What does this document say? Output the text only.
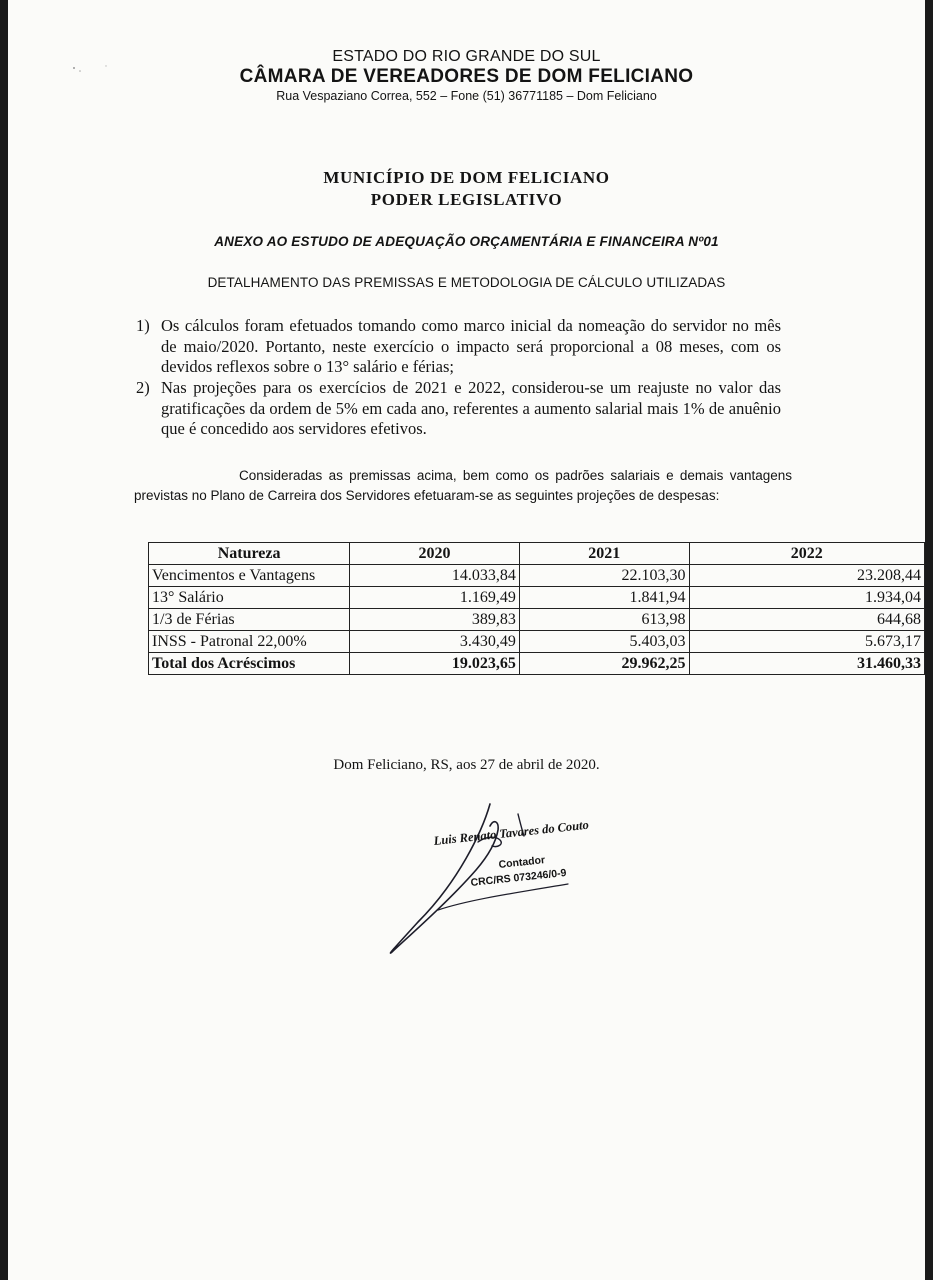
ESTADO DO RIO GRANDE DO SUL
CÂMARA DE VEREADORES DE DOM FELICIANO
Rua Vespaziano Correa, 552 – Fone (51) 36771185 – Dom Feliciano
MUNICÍPIO DE DOM FELICIANO
PODER LEGISLATIVO
ANEXO AO ESTUDO DE ADEQUAÇÃO ORÇAMENTÁRIA E FINANCEIRA Nº01
DETALHAMENTO DAS PREMISSAS E METODOLOGIA DE CÁLCULO UTILIZADAS
1) Os cálculos foram efetuados tomando como marco inicial da nomeação do servidor no mês de maio/2020. Portanto, neste exercício o impacto será proporcional a 08 meses, com os devidos reflexos sobre o 13° salário e férias;
2) Nas projeções para os exercícios de 2021 e 2022, considerou-se um reajuste no valor das gratificações da ordem de 5% em cada ano, referentes a aumento salarial mais 1% de anuênio que é concedido aos servidores efetivos.
Consideradas as premissas acima, bem como os padrões salariais e demais vantagens previstas no Plano de Carreira dos Servidores efetuaram-se as seguintes projeções de despesas:
Natureza	2020	2021	2022
Vencimentos e Vantagens	14.033,84	22.103,30	23.208,44
13° Salário	1.169,49	1.841,94	1.934,04
1/3 de Férias	389,83	613,98	644,68
INSS - Patronal 22,00%	3.430,49	5.403,03	5.673,17
Total dos Acréscimos	19.023,65	29.962,25	31.460,33
Dom Feliciano, RS, aos 27 de abril de 2020.
Luis Renato Tavares do Couto
Contador
CRC/RS 073246/0-9
